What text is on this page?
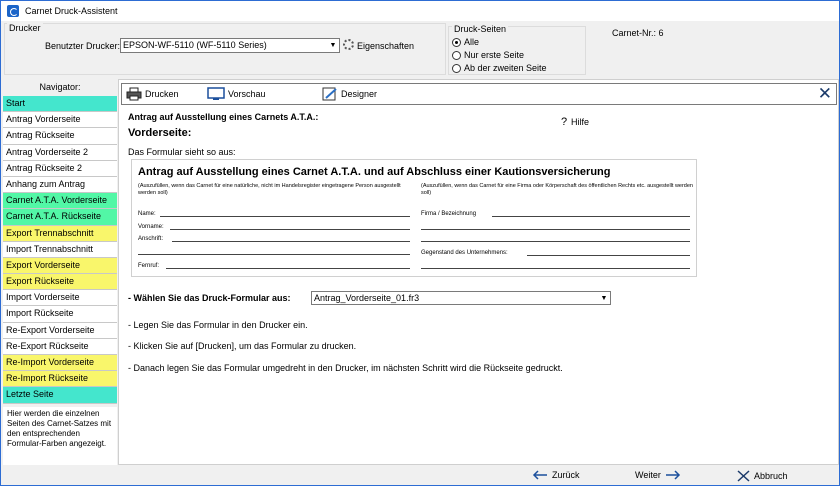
Carnet Druck-Assistent
Drucker
Benutzter Drucker: EPSON-WF-5110 (WF-5110 Series)	▼ Eigenschaften
Druck-Seiten
Alle
Nur erste Seite
Ab der zweiten Seite
Carnet-Nr.: 6
Navigator:
Start
Antrag Vorderseite
Antrag Rückseite
Antrag Vorderseite 2
Antrag Rückseite 2
Anhang zum Antrag
Carnet A.T.A. Vorderseite
Carnet A.T.A. Rückseite
Export Trennabschnitt
Import Trennabschnitt
Export Vorderseite
Export Rückseite
Import Vorderseite
Import Rückseite
Re-Export Vorderseite
Re-Export Rückseite
Re-Import Vorderseite
Re-Import Rückseite
Letzte Seite
Hier werden die einzelnen Seiten des Carnet-Satzes mit den entsprechenden Formular-Farben angezeigt.
Drucken	Vorschau	Designer	✕
Antrag auf Ausstellung eines Carnets A.T.A.:	? Hilfe
Vorderseite:
Das Formular sieht so aus:
Antrag auf Ausstellung eines Carnet A.T.A. und auf Abschluss einer Kautionsversicherung
(Auszufüllen, wenn das Carnet für eine natürliche, nicht im Handelsregister eingetragene Person ausgestellt werden soll)
(Auszufüllen, wenn das Carnet für eine Firma oder Körperschaft des öffentlichen Rechts etc. ausgestellt werden soll)
Name:
Vorname:
Anschrift:
Fernruf:
Firma / Bezeichnung
Gegenstand des Unternehmens:
- Wählen Sie das Druck-Formular aus:	Antrag_Vorderseite_01.fr3	▼
- Legen Sie das Formular in den Drucker ein.
- Klicken Sie auf [Drucken], um das Formular zu drucken.
- Danach legen Sie das Formular umgedreht in den Drucker, im nächsten Schritt wird die Rückseite gedruckt.
Zurück	Weiter	Abbruch
